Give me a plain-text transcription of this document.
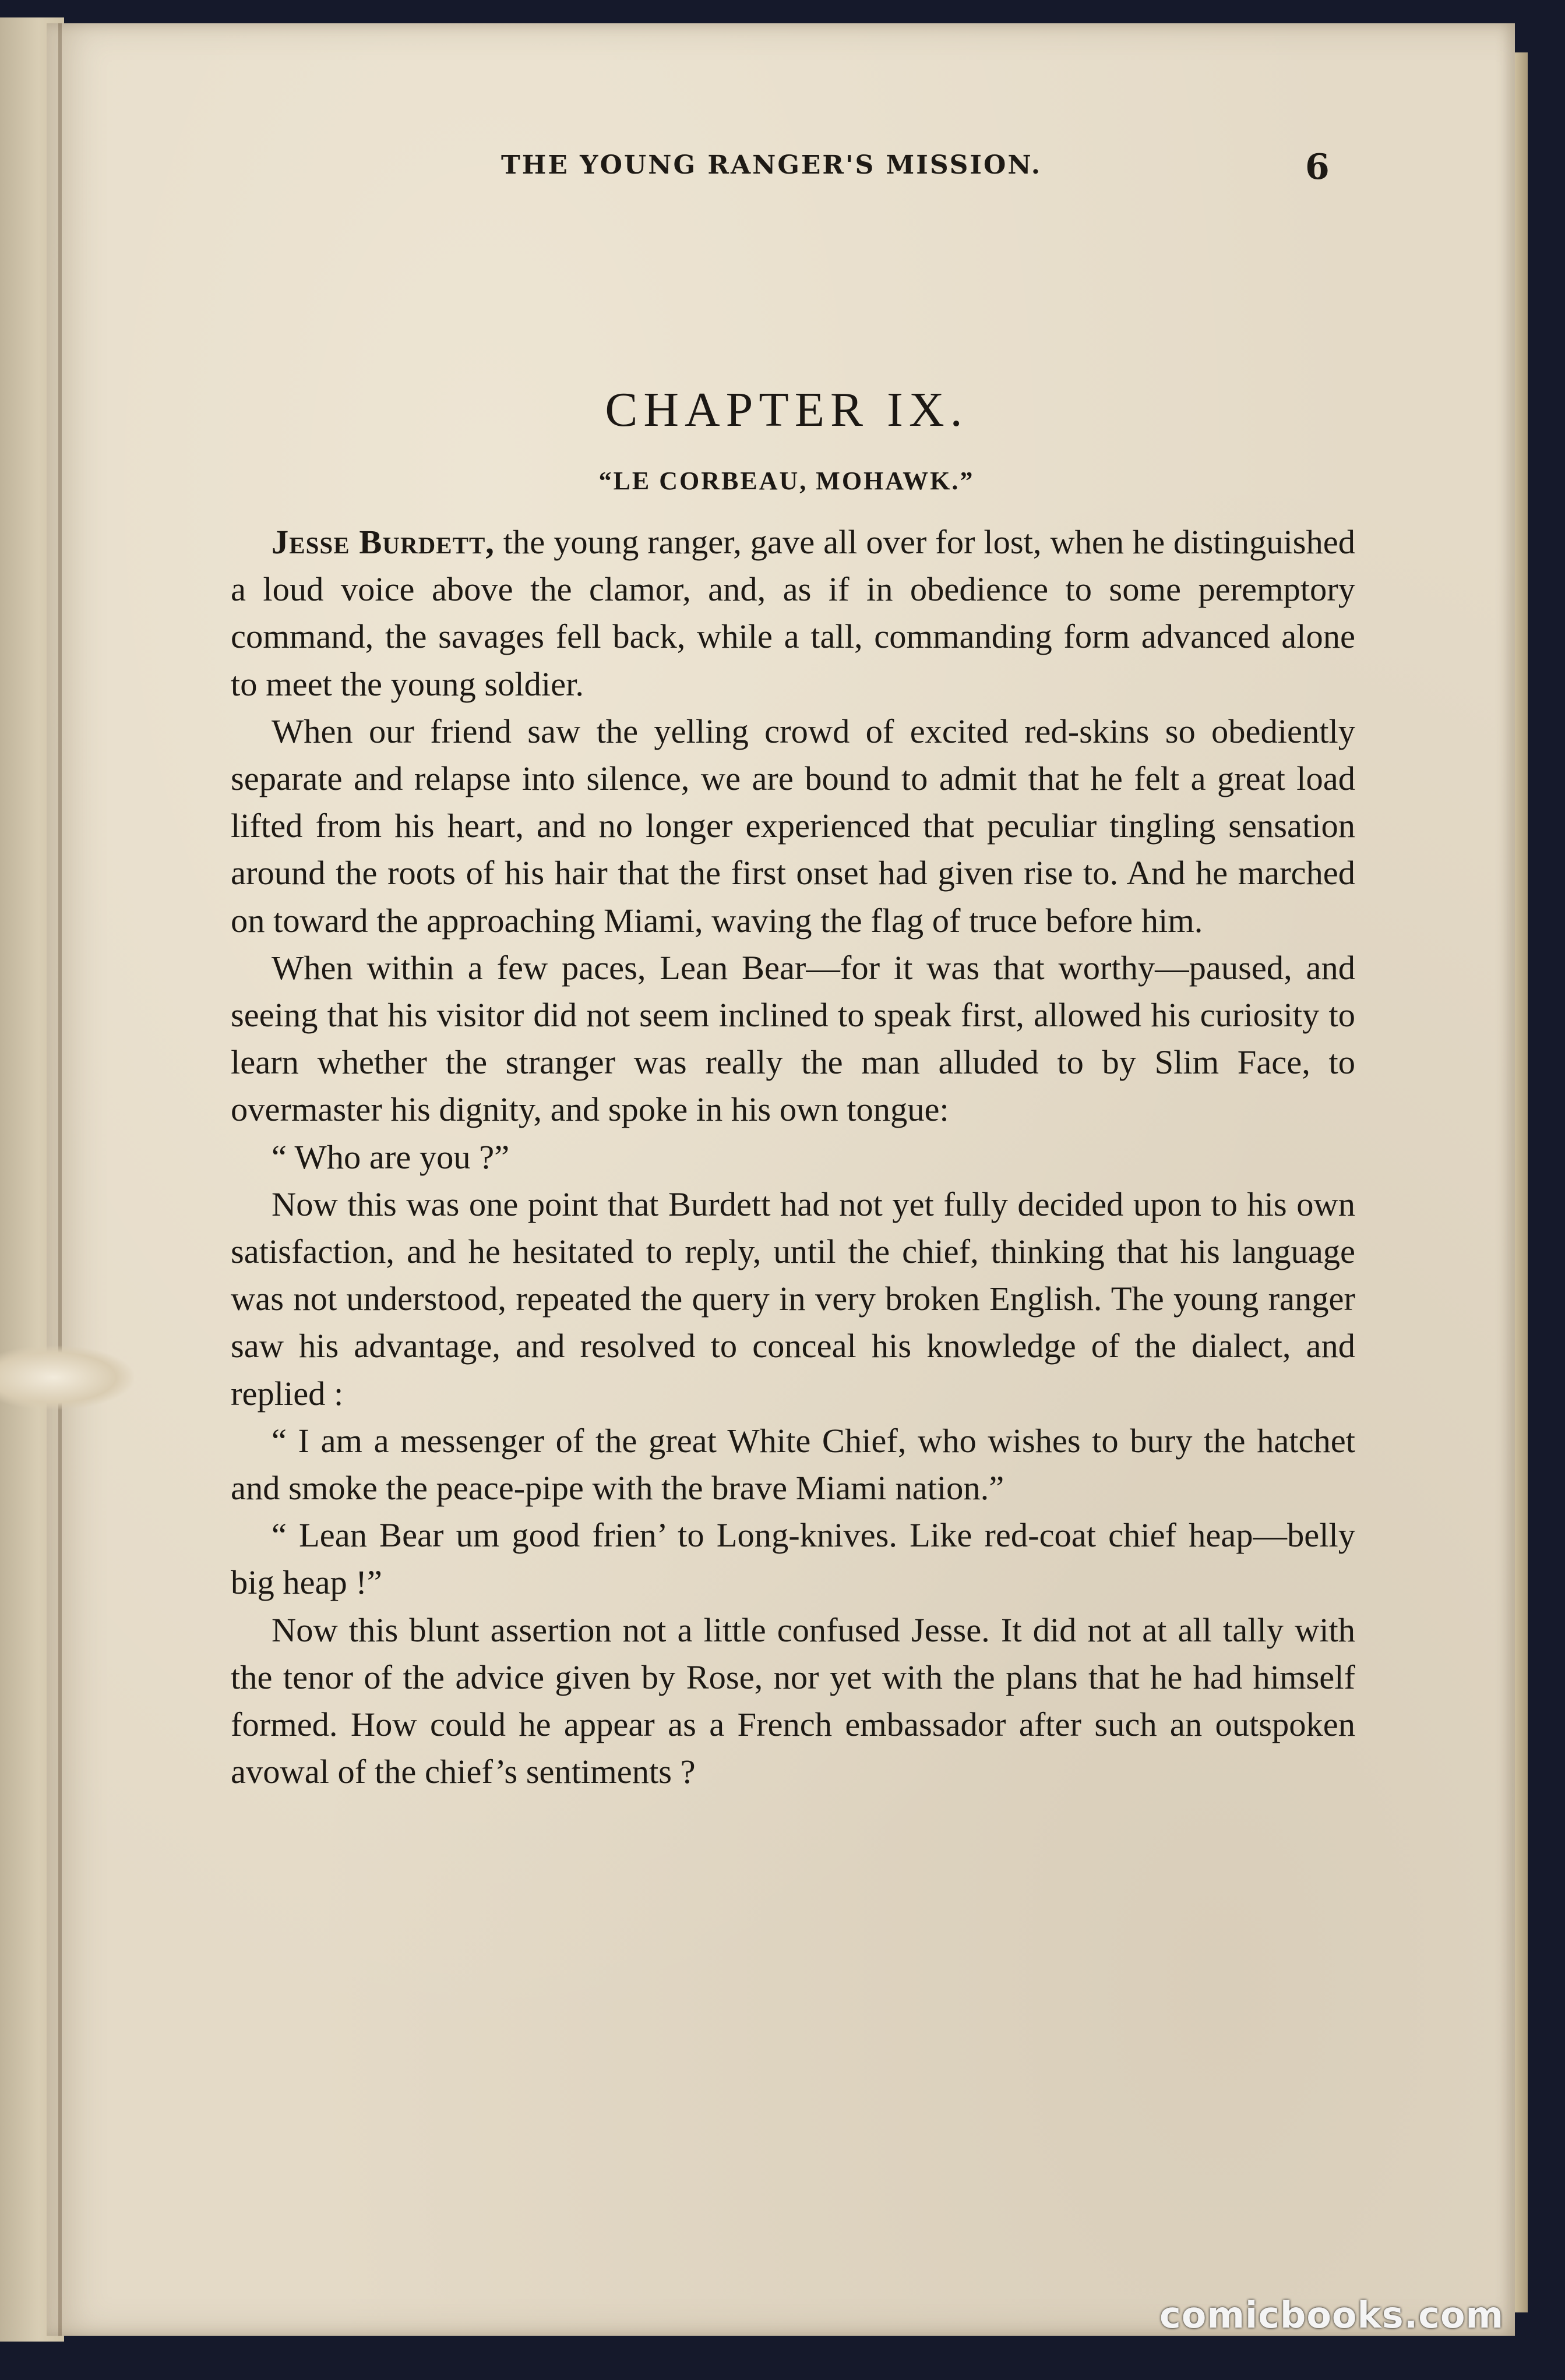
THE YOUNG RANGER'S MISSION.	6
CHAPTER IX.
“LE CORBEAU, MOHAWK.”

Jesse Burdett, the young ranger, gave all over for lost, when he distinguished a loud voice above the clamor, and, as if in obedience to some peremptory command, the savages fell back, while a tall, commanding form advanced alone to meet the young soldier.

When our friend saw the yelling crowd of excited red-skins so obediently separate and relapse into silence, we are bound to admit that he felt a great load lifted from his heart, and no longer experienced that peculiar tingling sensation around the roots of his hair that the first onset had given rise to. And he marched on toward the approaching Miami, waving the flag of truce before him.

When within a few paces, Lean Bear—for it was that worthy—paused, and seeing that his visitor did not seem inclined to speak first, allowed his curiosity to learn whether the stranger was really the man alluded to by Slim Face, to overmaster his dignity, and spoke in his own tongue:

“ Who are you ?”

Now this was one point that Burdett had not yet fully decided upon to his own satisfaction, and he hesitated to reply, until the chief, thinking that his language was not understood, repeated the query in very broken English. The young ranger saw his advantage, and resolved to conceal his knowledge of the dialect, and replied :

“ I am a messenger of the great White Chief, who wishes to bury the hatchet and smoke the peace-pipe with the brave Miami nation.”

“ Lean Bear um good frien’ to Long-knives. Like red-coat chief heap—belly big heap !”

Now this blunt assertion not a little confused Jesse. It did not at all tally with the tenor of the advice given by Rose, nor yet with the plans that he had himself formed. How could he appear as a French embassador after such an outspoken avowal of the chief’s sentiments ?

comicbooks.com
